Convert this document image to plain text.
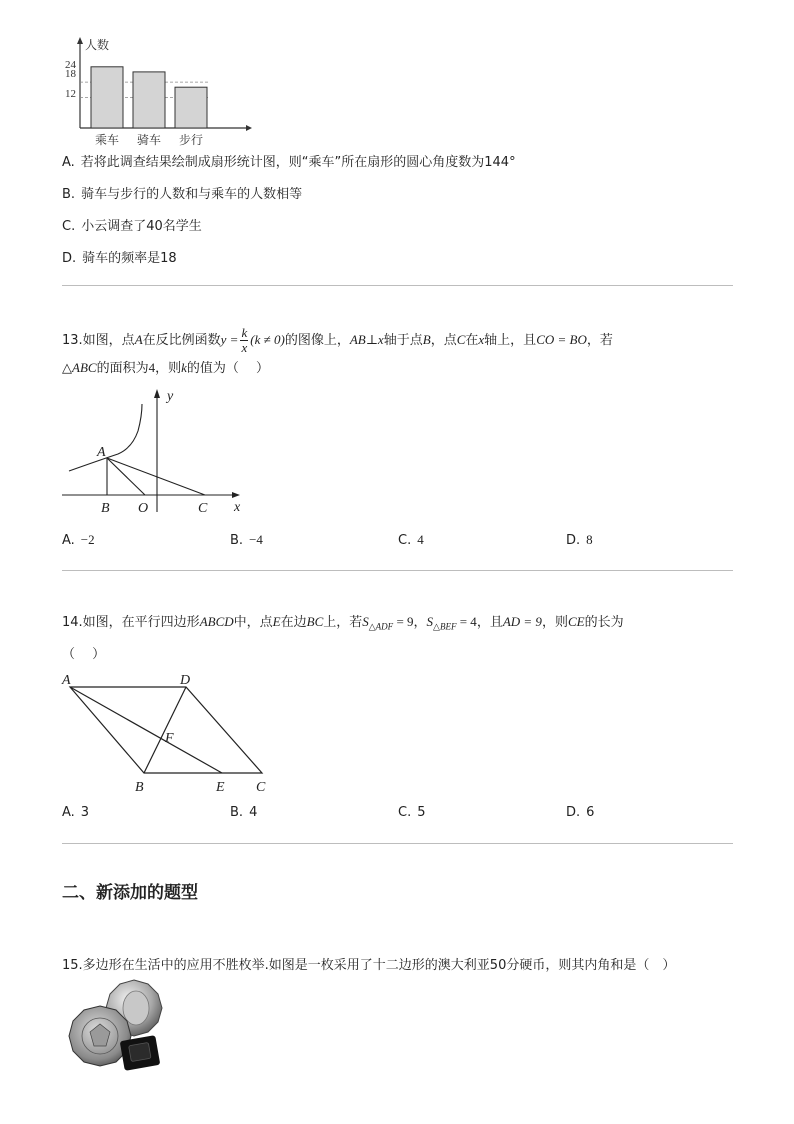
人数
24
18
12
乘车 骑车 步行
A. 若将此调查结果绘制成扇形统计图，则“乘车”所在扇形的圆心角度数为144°
B. 骑车与步行的人数和与乘车的人数相等
C. 小云调查了40名学生
D. 骑车的频率是18
13.如图，点A在反比例函数$y = \frac{k}{x} (k \ne 0)$的图像上，AB⊥x轴于点B，点C在x轴上，且CO = BO，若
△ABC的面积为4，则k的值为（　 ）
y
x
A
B O	C
A. −2	B. −4	C. 4	D. 8
14.如图，在平行四边形ABCD中，点E在边BC上，若$S_{\triangle ADF} = 9$，$S_{\triangle BEF} = 4$，且AD = 9，则CE的长为
（　 ）
A	D
F
B	E C
A. 3	B. 4	C. 5	D. 6
二、新添加的题型
15.多边形在生活中的应用不胜枚举.如图是一枚采用了十二边形的澳大利亚50分硬币，则其内角和是（　）
